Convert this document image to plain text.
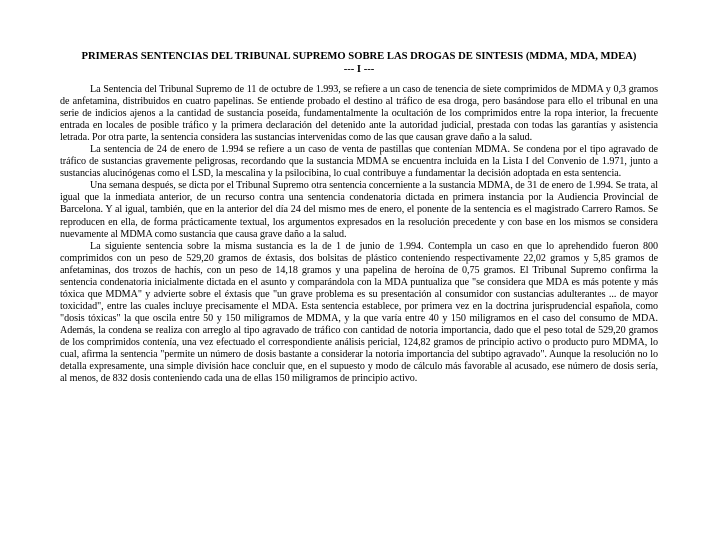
PRIMERAS SENTENCIAS DEL TRIBUNAL SUPREMO SOBRE LAS DROGAS DE SINTESIS (MDMA, MDA, MDEA)

--- I ---

La Sentencia del Tribunal Supremo de 11 de octubre de 1.993, se refiere a un caso de tenencia de siete comprimidos de MDMA y 0,3 gramos de anfetamina, distribuidos en cuatro papelinas. Se entiende probado el destino al tráfico de esa droga, pero basándose para ello el tribunal en una serie de indicios ajenos a la cantidad de sustancia poseída, fundamentalmente la ocultación de los comprimidos entre la ropa interior, la frecuente entrada en locales de posible tráfico y la primera declaración del detenido ante la autoridad judicial, prestada con todas las garantías y asistencia letrada. Por otra parte, la sentencia considera las sustancias intervenidas como de las que causan grave daño a la salud.

La sentencia de 24 de enero de 1.994 se refiere a un caso de venta de pastillas que contenían MDMA. Se condena por el tipo agravado de tráfico de sustancias gravemente peligrosas, recordando que la sustancia MDMA se encuentra incluida en la Lista I del Convenio de 1.971, junto a sustancias alucinógenas como el LSD, la mescalina y la psilocibina, lo cual contribuye a fundamentar la decisión adoptada en esta sentencia.

Una semana después, se dicta por el Tribunal Supremo otra sentencia concerniente a la sustancia MDMA, de 31 de enero de 1.994. Se trata, al igual que la inmediata anterior, de un recurso contra una sentencia condenatoria dictada en primera instancia por la Audiencia Provincial de Barcelona. Y al igual, también, que en la anterior del día 24 del mismo mes de enero, el ponente de la sentencia es el magistrado Carrero Ramos. Se reproducen en ella, de forma prácticamente textual, los argumentos expresados en la resolución precedente y con base en los mismos se considera nuevamente al MDMA como sustancia que causa grave daño a la salud.

La siguiente sentencia sobre la misma sustancia es la de 1 de junio de 1.994. Contempla un caso en que lo aprehendido fueron 800 comprimidos con un peso de 529,20 gramos de éxtasis, dos bolsitas de plástico conteniendo respectivamente 22,02 gramos y 5,85 gramos de anfetaminas, dos trozos de hachís, con un peso de 14,18 gramos y una papelina de heroína de 0,75 gramos. El Tribunal Supremo confirma la sentencia condenatoria inicialmente dictada en el asunto y comparándola con la MDA puntualiza que "se considera que MDA es más potente y más tóxica que MDMA" y advierte sobre el éxtasis que "un grave problema es su presentación al consumidor con sustancias adulterantes ... de mayor toxicidad", entre las cuales incluye precisamente el MDA. Esta sentencia establece, por primera vez en la doctrina jurisprudencial española, como "dosis tóxicas" la que oscila entre 50 y 150 miligramos de MDMA, y la que varía entre 40 y 150 miligramos en el caso del consumo de MDA. Además, la condena se realiza con arreglo al tipo agravado de tráfico con cantidad de notoria importancia, dado que el peso total de 529,20 gramos de los comprimidos contenía, una vez efectuado el correspondiente análisis pericial, 124,82 gramos de principio activo o producto puro MDMA, lo cual, afirma la sentencia "permite un número de dosis bastante a considerar la notoria importancia del subtipo agravado". Aunque la resolución no lo detalla expresamente, una simple división hace concluir que, en el supuesto y modo de cálculo más favorable al acusado, ese número de dosis sería, al menos, de 832 dosis conteniendo cada una de ellas 150 miligramos de principio activo.
